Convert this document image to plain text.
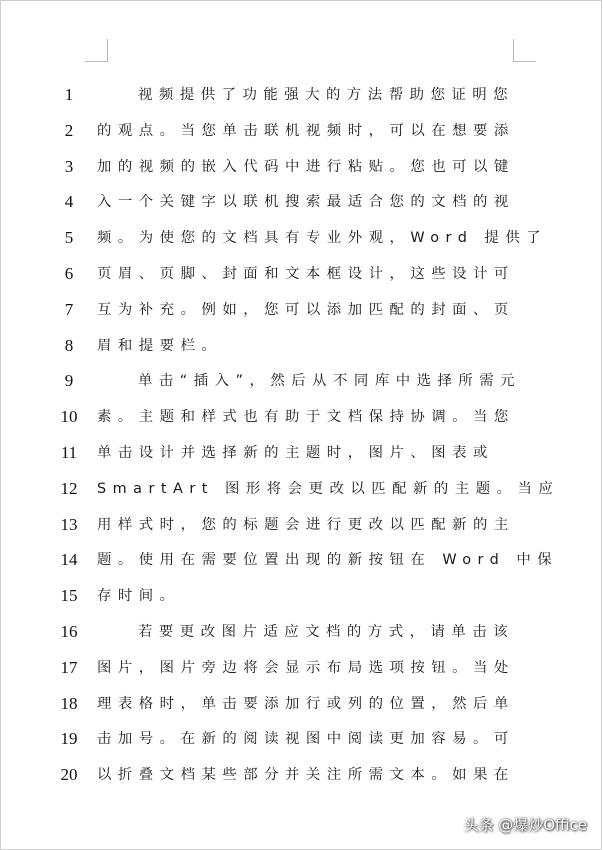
1	视频提供了功能强大的方法帮助您证明您
2	的观点。当您单击联机视频时，可以在想要添
3	加的视频的嵌入代码中进行粘贴。您也可以键
4	入一个关键字以联机搜索最适合您的文档的视
5	频。为使您的文档具有专业外观，Word 提供了
6	页眉、页脚、封面和文本框设计，这些设计可
7	互为补充。例如，您可以添加匹配的封面、页
8	眉和提要栏。
9	单击“插入”，然后从不同库中选择所需元
10	素。主题和样式也有助于文档保持协调。当您
11	单击设计并选择新的主题时，图片、图表或
12	SmartArt 图形将会更改以匹配新的主题。当应
13	用样式时，您的标题会进行更改以匹配新的主
14	题。使用在需要位置出现的新按钮在 Word 中保
15	存时间。
16	若要更改图片适应文档的方式，请单击该
17	图片，图片旁边将会显示布局选项按钮。当处
18	理表格时，单击要添加行或列的位置，然后单
19	击加号。在新的阅读视图中阅读更加容易。可
20	以折叠文档某些部分并关注所需文本。如果在
头条 @爆炒Office
